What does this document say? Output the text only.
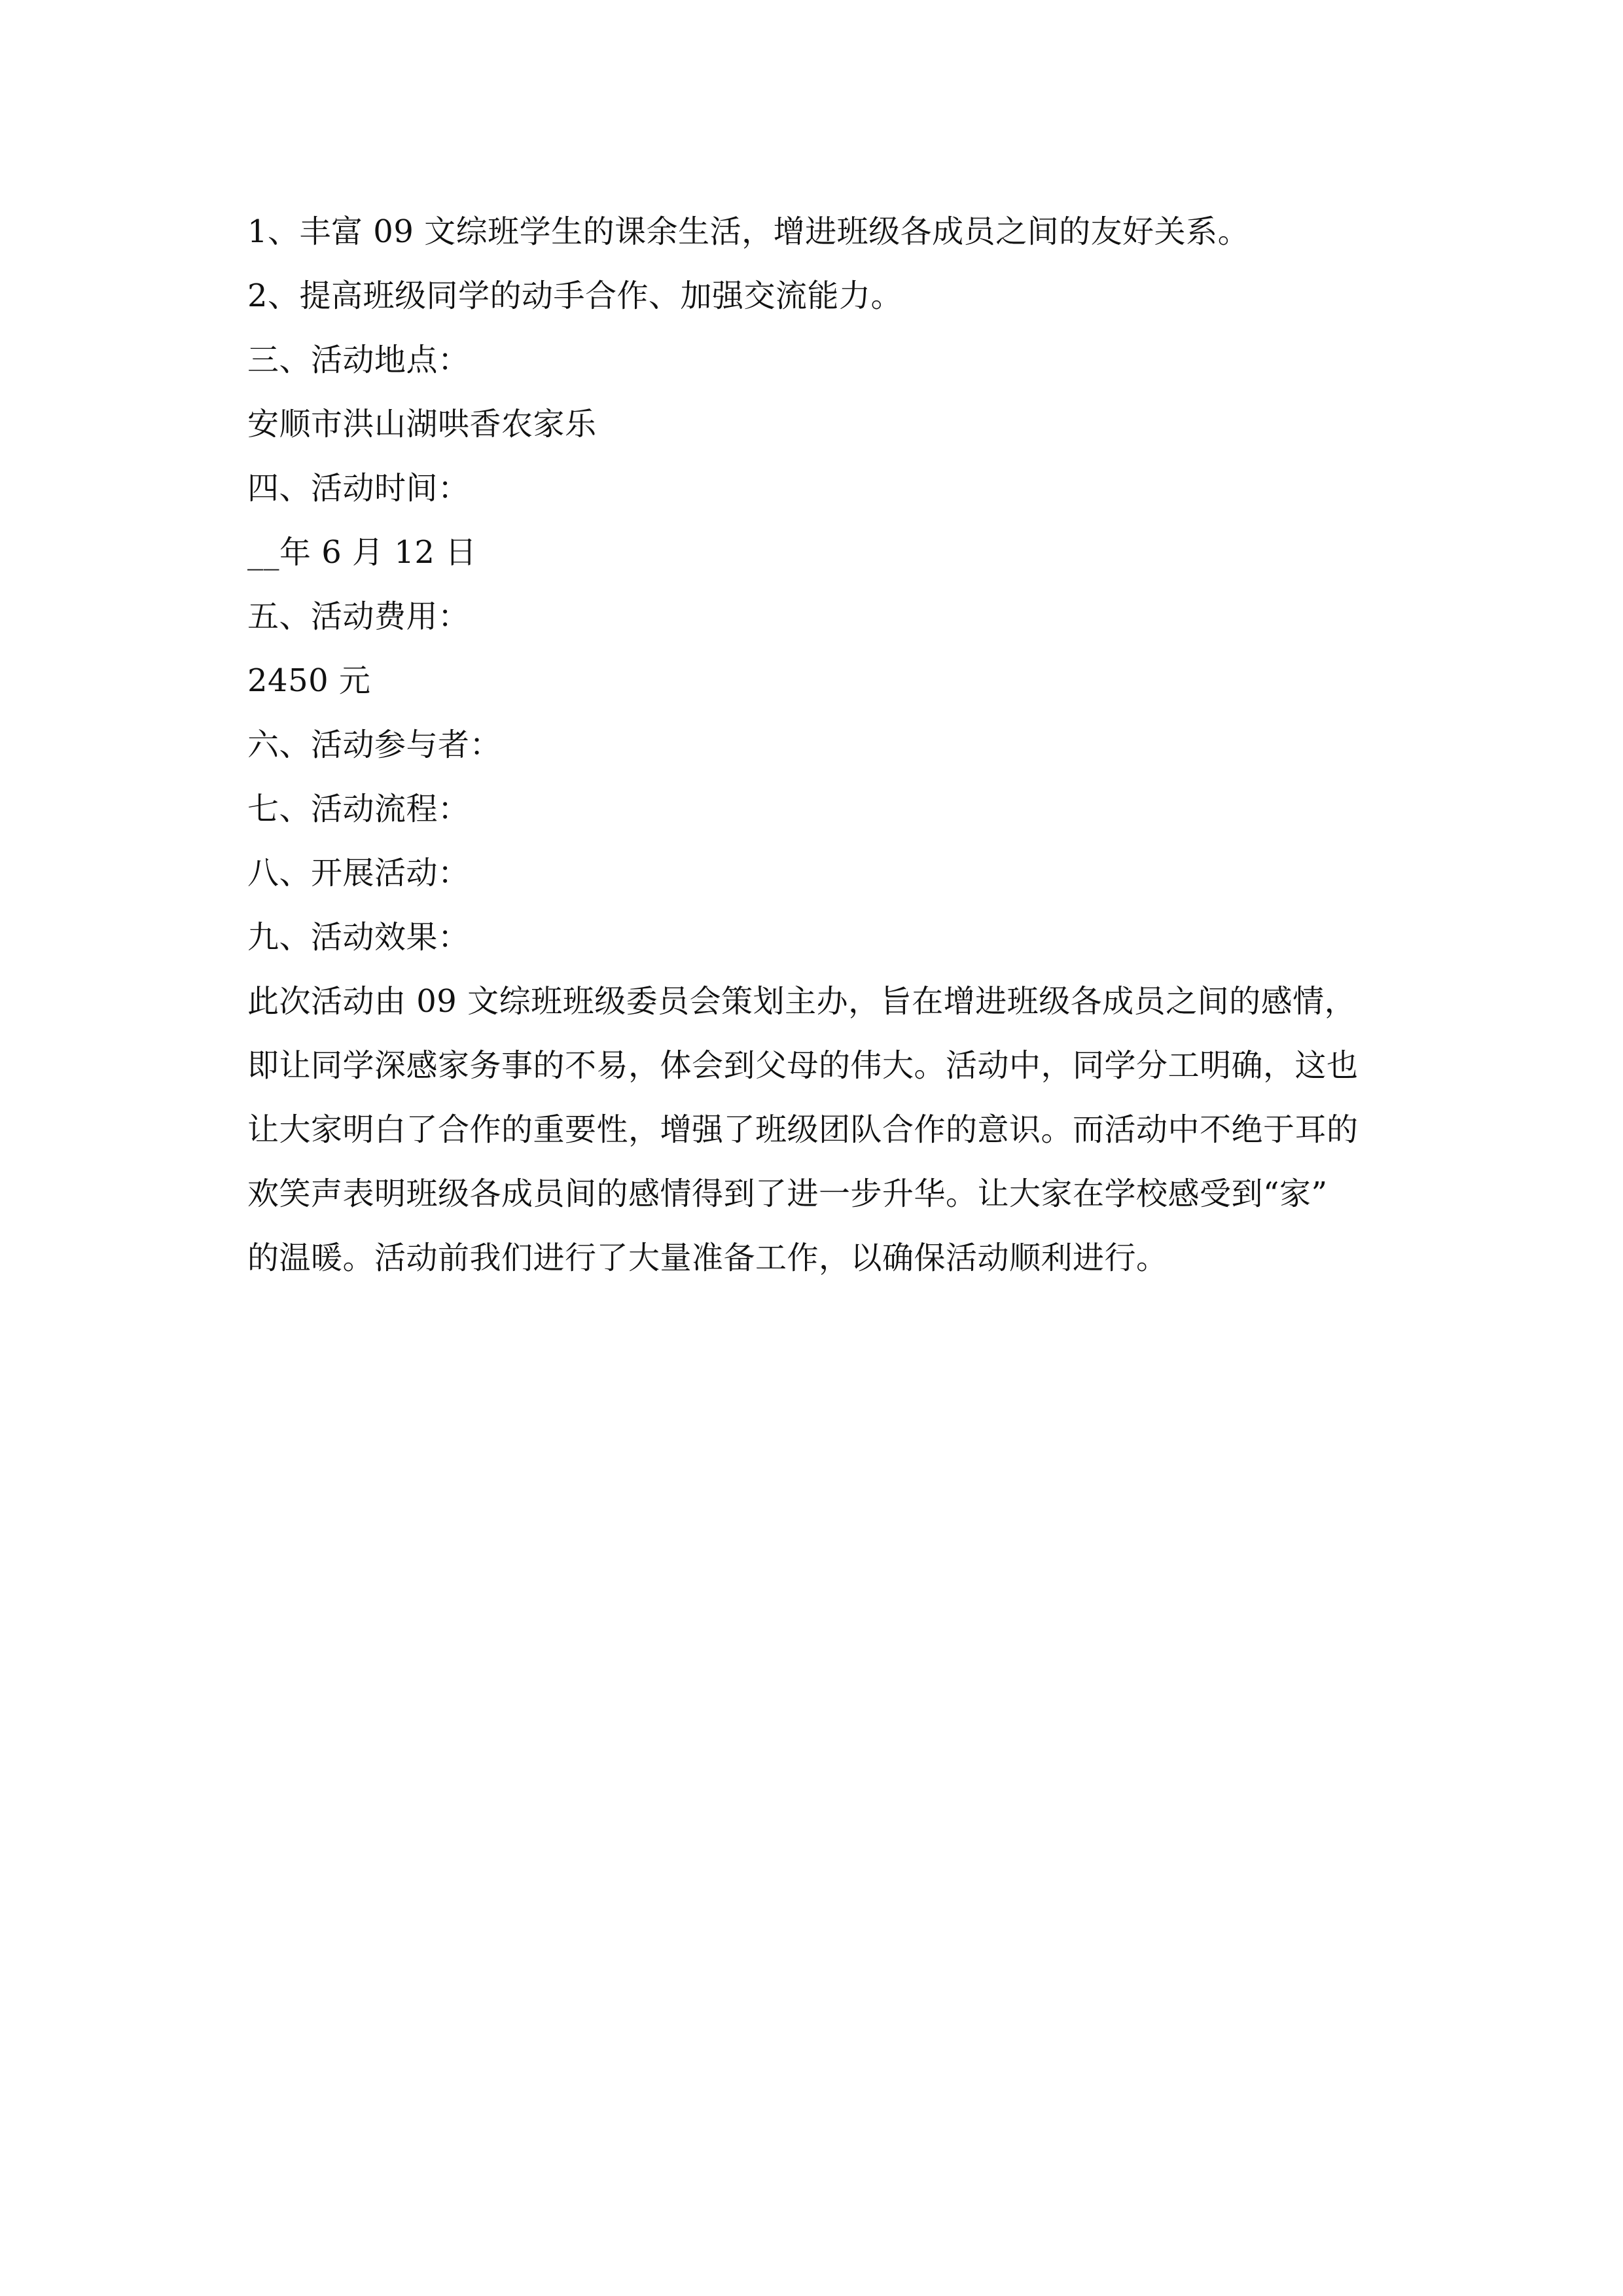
1、丰富 09 文综班学生的课余生活，增进班级各成员之间的友好关系。
2、提高班级同学的动手合作、加强交流能力。
三、活动地点：
安顺市洪山湖哄香农家乐
四、活动时间：
__年 6 月 12 日
五、活动费用：
2450 元
六、活动参与者：
七、活动流程：
八、开展活动：
九、活动效果：
此次活动由 09 文综班班级委员会策划主办，旨在增进班级各成员之间的感情，
即让同学深感家务事的不易，体会到父母的伟大。活动中，同学分工明确，这也
让大家明白了合作的重要性，增强了班级团队合作的意识。而活动中不绝于耳的
欢笑声表明班级各成员间的感情得到了进一步升华。让大家在学校感受到“家”
的温暖。活动前我们进行了大量准备工作，以确保活动顺利进行。
